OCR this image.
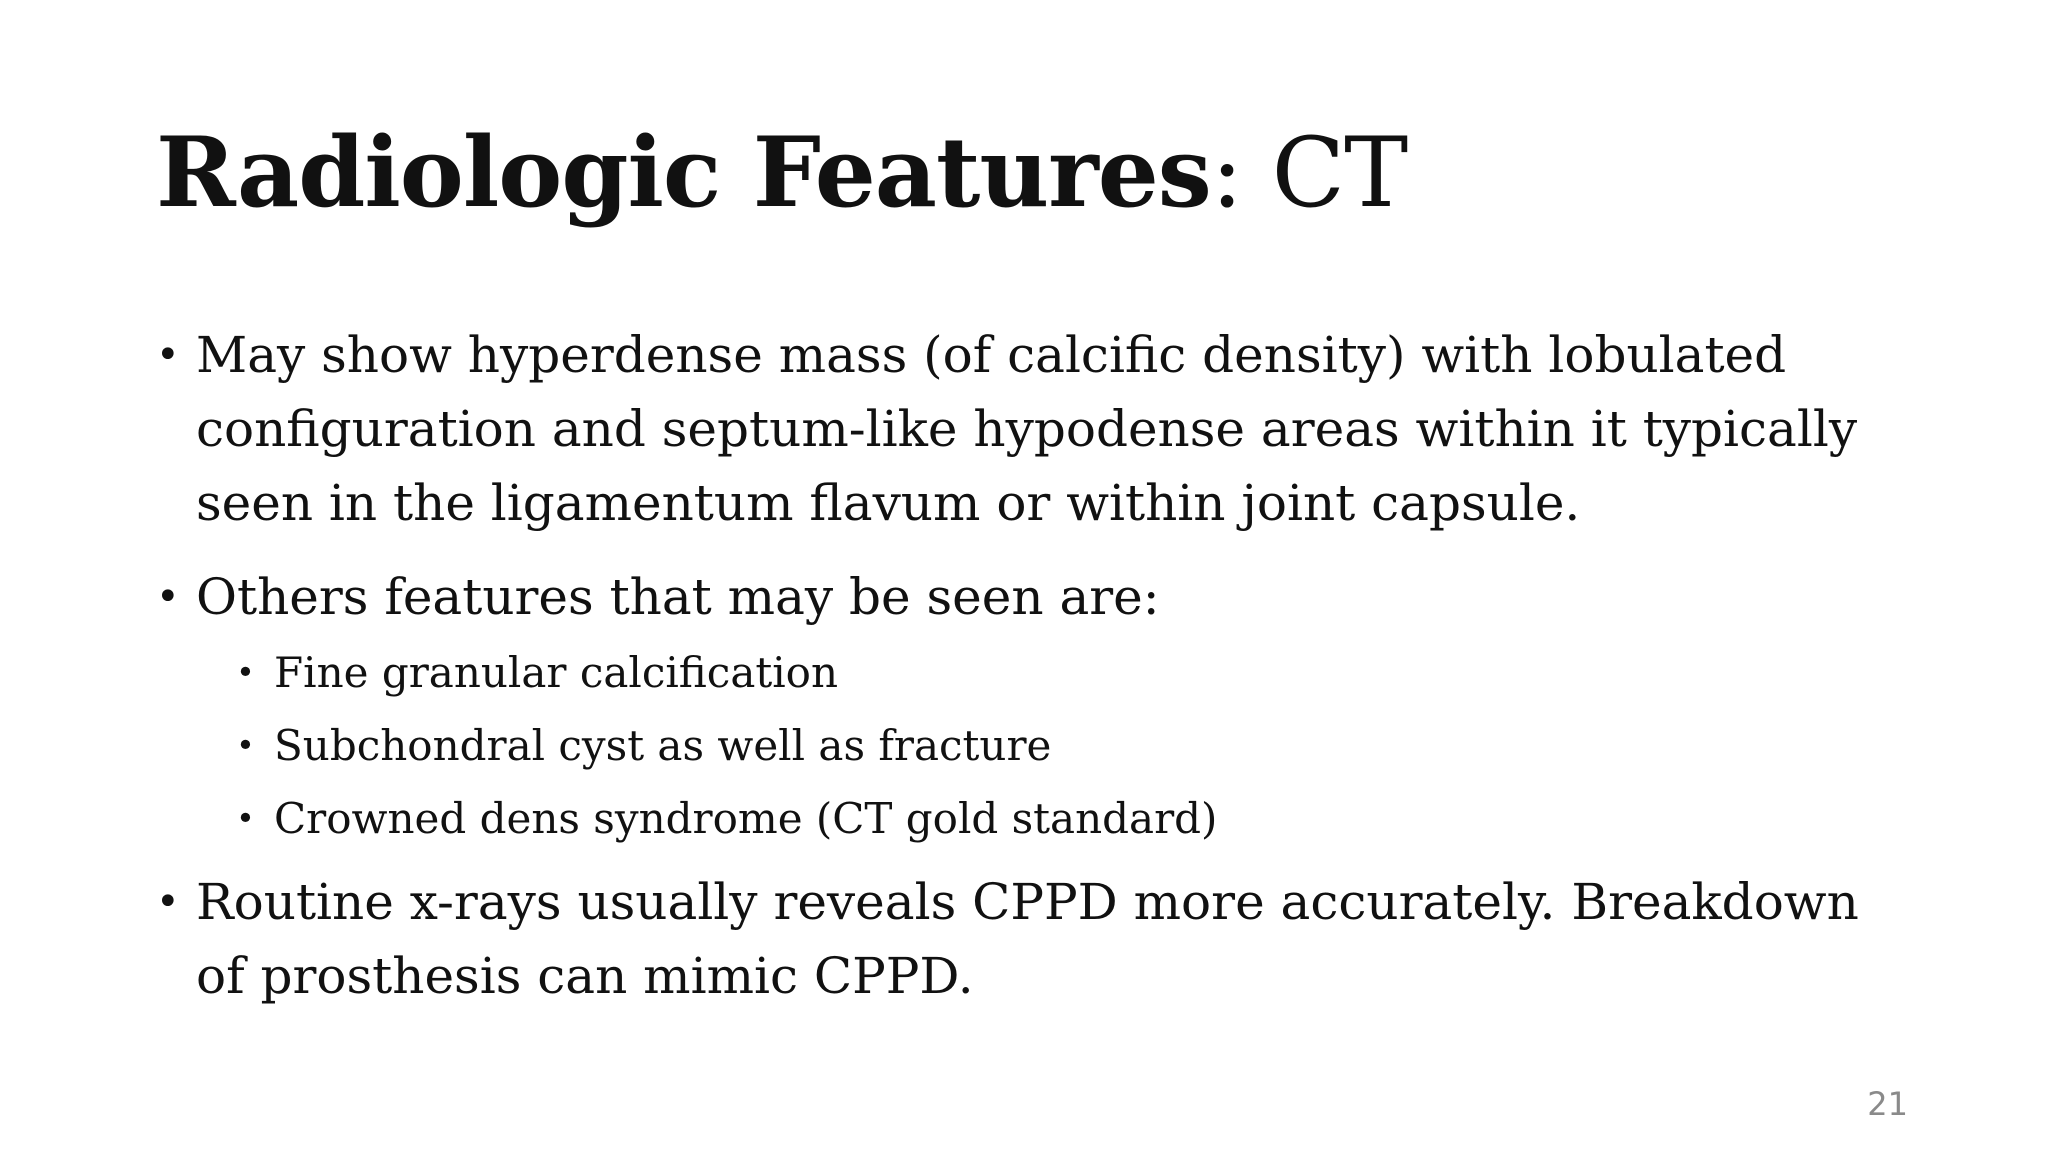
Radiologic Features: CT
• May show hyperdense mass (of calcific density) with lobulated configuration and septum-like hypodense areas within it typically seen in the ligamentum flavum or within joint capsule.
• Others features that may be seen are:
• Fine granular calcification
• Subchondral cyst as well as fracture
• Crowned dens syndrome (CT gold standard)
• Routine x-rays usually reveals CPPD more accurately. Breakdown of prosthesis can mimic CPPD.
21
